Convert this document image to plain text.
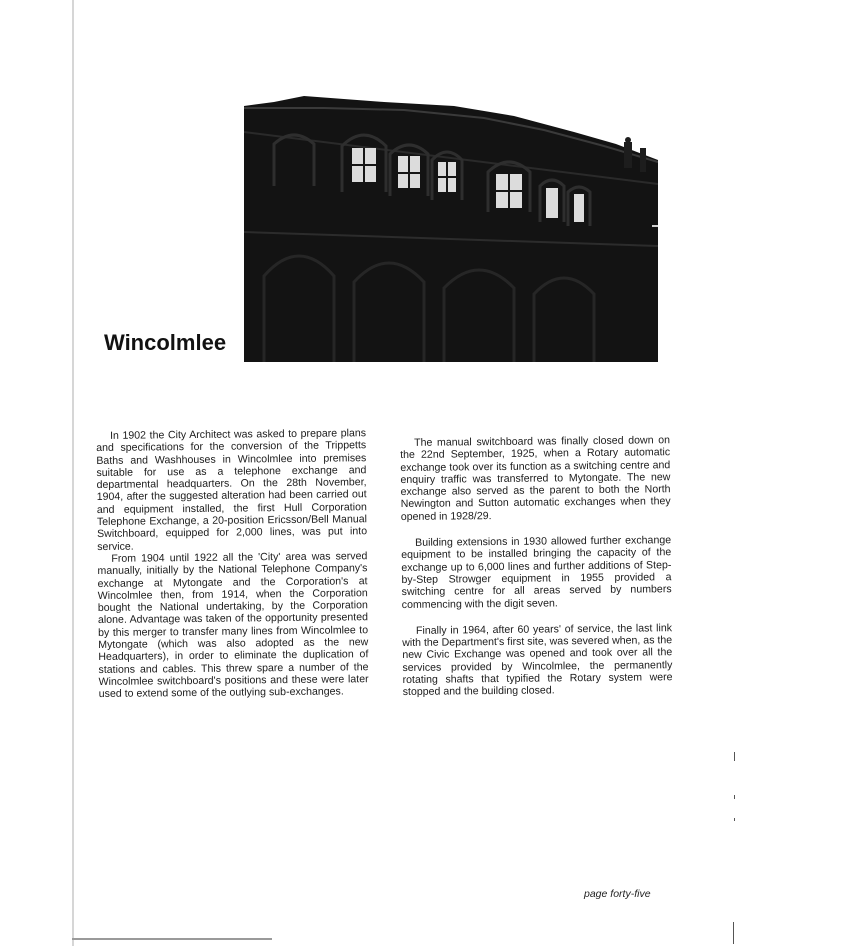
Wincolmlee

In 1902 the City Architect was asked to prepare plans and specifications for the conversion of the Trippetts Baths and Washhouses in Wincolmlee into premises suitable for use as a telephone exchange and departmental headquarters. On the 28th November, 1904, after the suggested alteration had been carried out and equipment installed, the first Hull Corporation Telephone Exchange, a 20-position Ericsson/Bell Manual Switchboard, equipped for 2,000 lines, was put into service.

From 1904 until 1922 all the 'City' area was served manually, initially by the National Telephone Company's exchange at Mytongate and the Corporation's at Wincolmlee then, from 1914, when the Corporation bought the National undertaking, by the Corporation alone. Advantage was taken of the opportunity presented by this merger to transfer many lines from Wincolmlee to Mytongate (which was also adopted as the new Headquarters), in order to eliminate the duplication of stations and cables. This threw spare a number of the Wincolmlee switchboard's positions and these were later used to extend some of the outlying sub-exchanges.

The manual switchboard was finally closed down on the 22nd September, 1925, when a Rotary automatic exchange took over its function as a switching centre and enquiry traffic was transferred to Mytongate. The new exchange also served as the parent to both the North Newington and Sutton automatic exchanges when they opened in 1928/29.

Building extensions in 1930 allowed further exchange equipment to be installed bringing the capacity of the exchange up to 6,000 lines and further additions of Step-by-Step Strowger equipment in 1955 provided a switching centre for all areas served by numbers commencing with the digit seven.

Finally in 1964, after 60 years' of service, the last link with the Department's first site, was severed when, as the new Civic Exchange was opened and took over all the services provided by Wincolmlee, the permanently rotating shafts that typified the Rotary system were stopped and the building closed.

page forty-five
